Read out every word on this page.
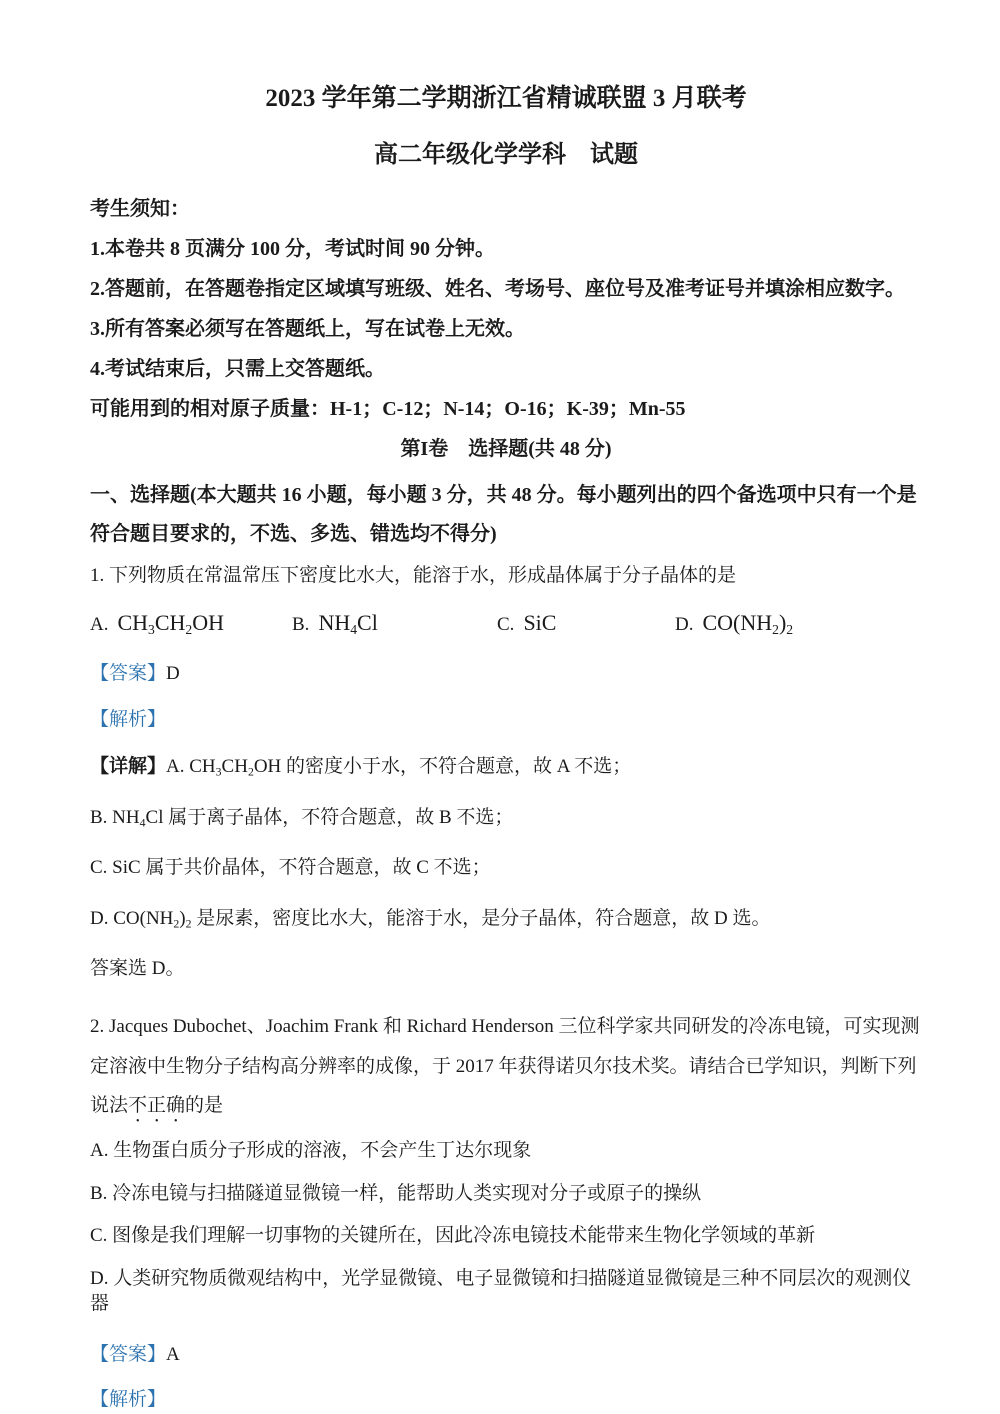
2023 学年第二学期浙江省精诚联盟 3 月联考
高二年级化学学科　试题

考生须知：

1.本卷共 8 页满分 100 分，考试时间 90 分钟。

2.答题前，在答题卷指定区域填写班级、姓名、考场号、座位号及准考证号并填涂相应数字。

3.所有答案必须写在答题纸上，写在试卷上无效。

4.考试结束后，只需上交答题纸。

可能用到的相对原子质量：H-1；C-12；N-14；O-16；K-39；Mn-55

第I卷　选择题(共 48 分)
一、选择题(本大题共 16 小题，每小题 3 分，共 48 分。每小题列出的四个备选项中只有一个是符合题目要求的，不选、多选、错选均不得分)

1. 下列物质在常温常压下密度比水大，能溶于水，形成晶体属于分子晶体的是

A. $CH_3CH_2OH$	B. $NH_4Cl$	C. SiC	D. $CO(NH_2)_2$

【答案】D

【解析】

【详解】A. $CH_3CH_2OH$ 的密度小于水，不符合题意，故 A 不选；

B. $NH_4Cl$ 属于离子晶体，不符合题意，故 B 不选；

C. SiC 属于共价晶体，不符合题意，故 C 不选；

D. $CO(NH_2)_2$ 是尿素，密度比水大，能溶于水，是分子晶体，符合题意，故 D 选。

答案选 D。

2. Jacques Dubochet、Joachim Frank 和 Richard Henderson 三位科学家共同研发的冷冻电镜，可实现测定溶液中生物分子结构高分辨率的成像，于 2017 年获得诺贝尔技术奖。请结合已学知识，判断下列说法不正确的是

A. 生物蛋白质分子形成的溶液，不会产生丁达尔现象

B. 冷冻电镜与扫描隧道显微镜一样，能帮助人类实现对分子或原子的操纵

C. 图像是我们理解一切事物的关键所在，因此冷冻电镜技术能带来生物化学领域的革新

D. 人类研究物质微观结构中，光学显微镜、电子显微镜和扫描隧道显微镜是三种不同层次的观测仪器

【答案】A

【解析】
